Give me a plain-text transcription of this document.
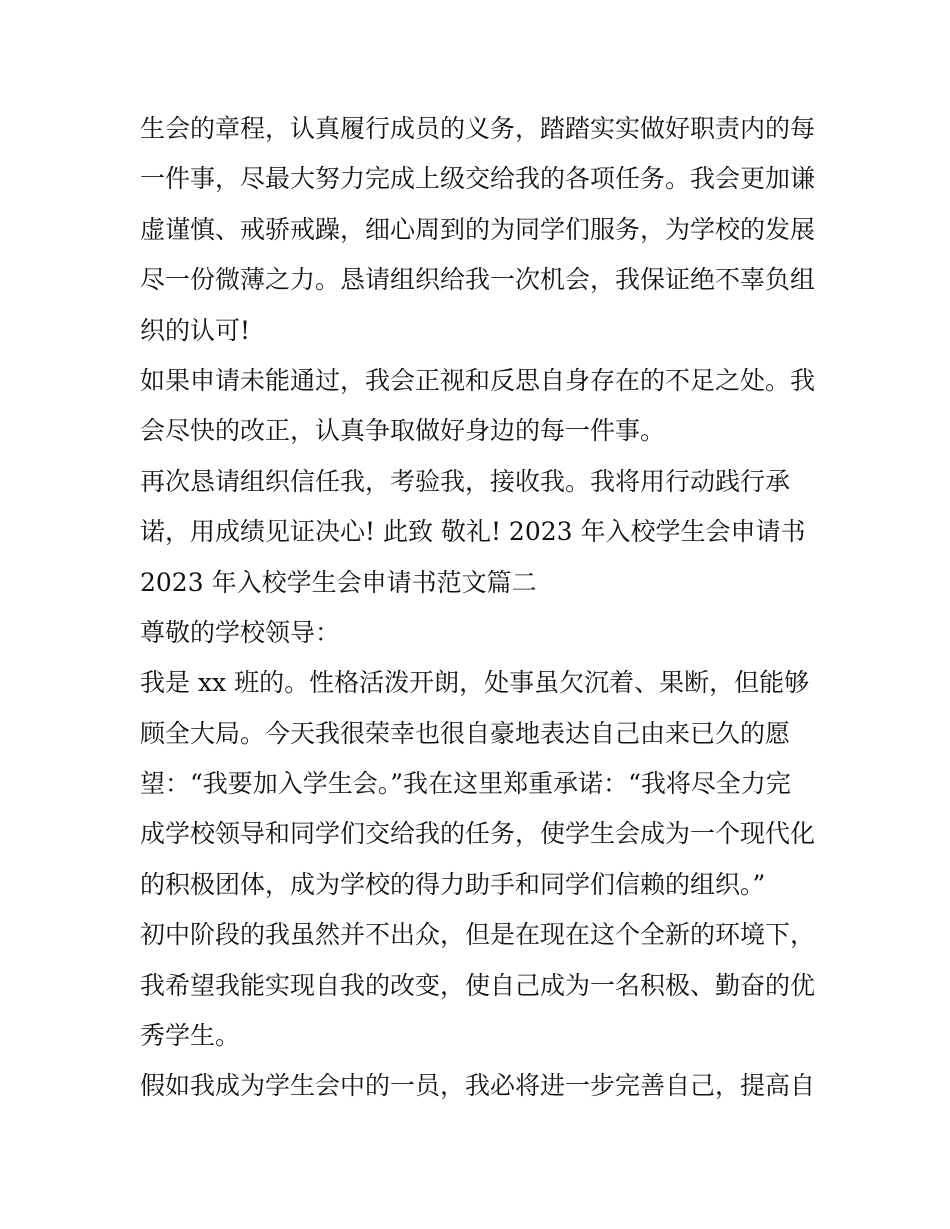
生会的章程，认真履行成员的义务，踏踏实实做好职责内的每
一件事，尽最大努力完成上级交给我的各项任务。我会更加谦
虚谨慎、戒骄戒躁，细心周到的为同学们服务，为学校的发展
尽一份微薄之力。恳请组织给我一次机会，我保证绝不辜负组
织的认可!
如果申请未能通过，我会正视和反思自身存在的不足之处。我
会尽快的改正，认真争取做好身边的每一件事。
再次恳请组织信任我，考验我，接收我。我将用行动践行承
诺，用成绩见证决心! 此致 敬礼! 2023 年入校学生会申请书
2023 年入校学生会申请书范文篇二
尊敬的学校领导：
我是 xx 班的。性格活泼开朗，处事虽欠沉着、果断，但能够
顾全大局。今天我很荣幸也很自豪地表达自己由来已久的愿
望：“我要加入学生会。”我在这里郑重承诺：“我将尽全力完
成学校领导和同学们交给我的任务，使学生会成为一个现代化
的积极团体，成为学校的得力助手和同学们信赖的组织。”
初中阶段的我虽然并不出众，但是在现在这个全新的环境下，
我希望我能实现自我的改变，使自己成为一名积极、勤奋的优
秀学生。
假如我成为学生会中的一员，我必将进一步完善自己，提高自
